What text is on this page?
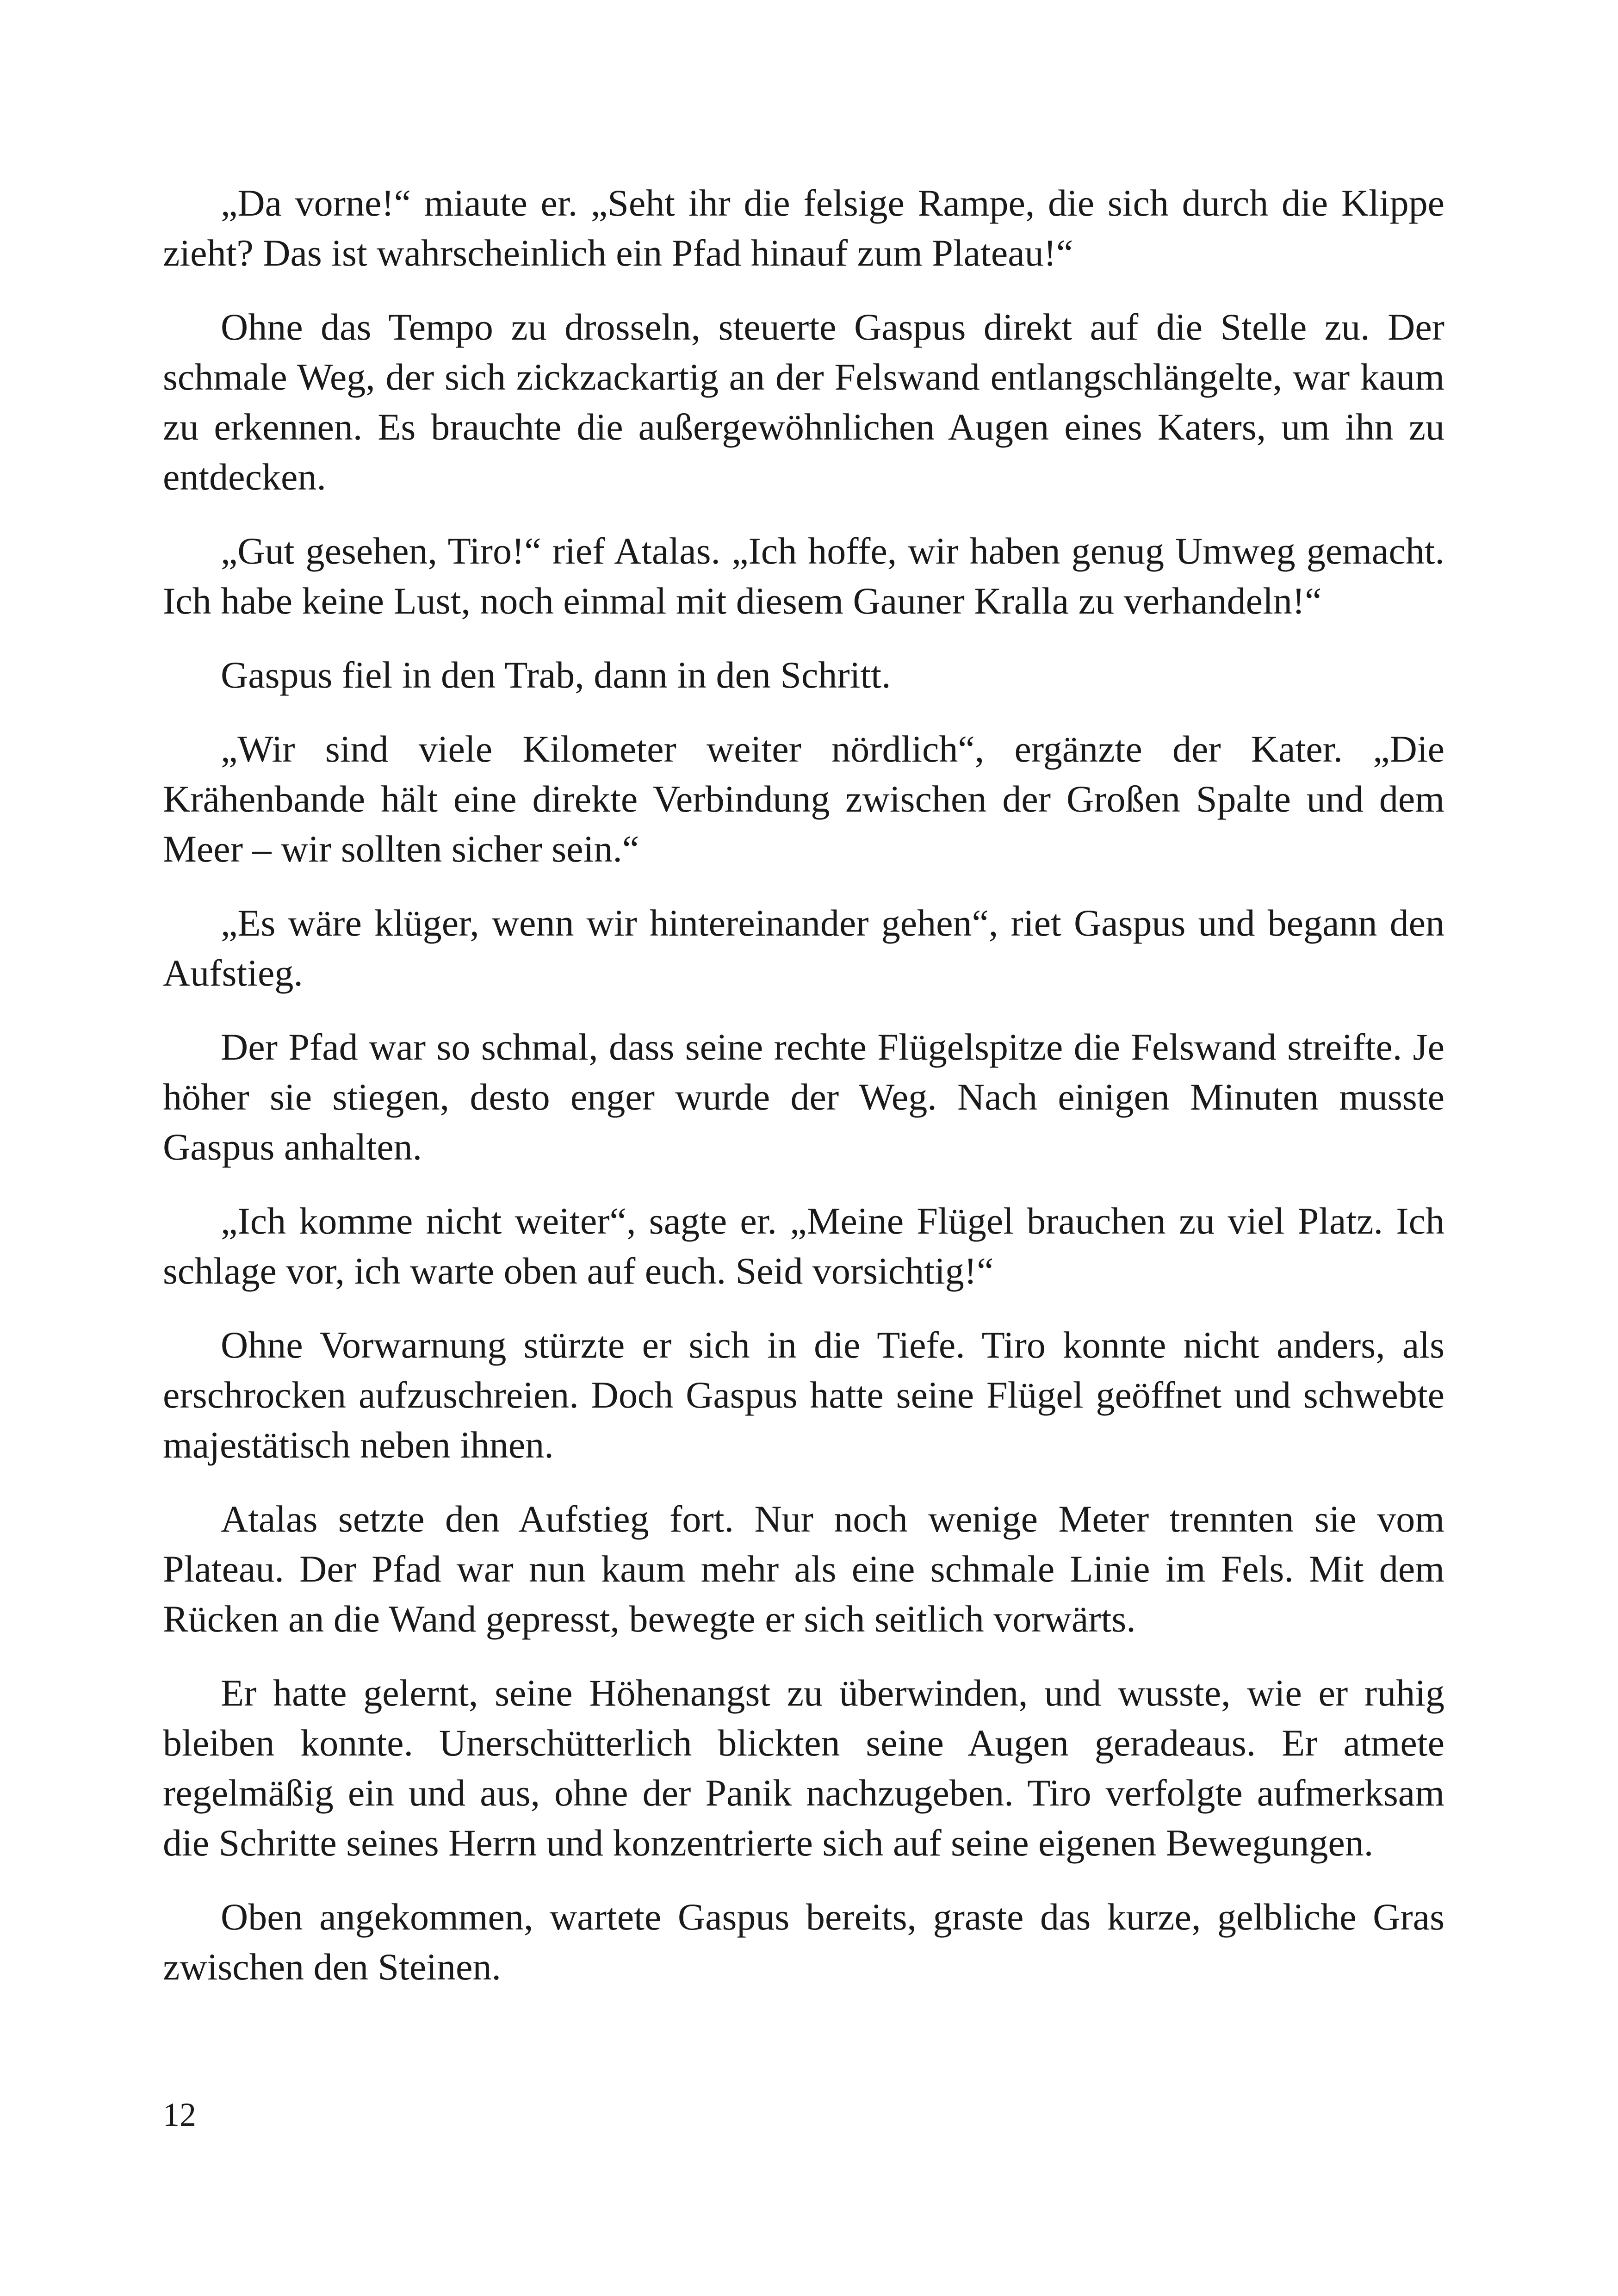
„Da vorne!“ miaute er. „Seht ihr die felsige Rampe, die sich durch die Klippe zieht? Das ist wahrscheinlich ein Pfad hinauf zum Plateau!“

Ohne das Tempo zu drosseln, steuerte Gaspus direkt auf die Stelle zu. Der schmale Weg, der sich zickzackartig an der Felswand entlangschlängelte, war kaum zu erkennen. Es brauchte die außergewöhnlichen Augen eines Katers, um ihn zu entdecken.

„Gut gesehen, Tiro!“ rief Atalas. „Ich hoffe, wir haben genug Umweg gemacht. Ich habe keine Lust, noch einmal mit diesem Gauner Kralla zu verhandeln!“

Gaspus fiel in den Trab, dann in den Schritt.

„Wir sind viele Kilometer weiter nördlich“, ergänzte der Kater. „Die Krähenbande hält eine direkte Verbindung zwischen der Großen Spalte und dem Meer – wir sollten sicher sein.“

„Es wäre klüger, wenn wir hintereinander gehen“, riet Gaspus und begann den Aufstieg.

Der Pfad war so schmal, dass seine rechte Flügelspitze die Felswand streifte. Je höher sie stiegen, desto enger wurde der Weg. Nach einigen Minuten musste Gaspus anhalten.

„Ich komme nicht weiter“, sagte er. „Meine Flügel brauchen zu viel Platz. Ich schlage vor, ich warte oben auf euch. Seid vorsichtig!“

Ohne Vorwarnung stürzte er sich in die Tiefe. Tiro konnte nicht anders, als erschrocken aufzuschreien. Doch Gaspus hatte seine Flügel geöffnet und schwebte majestätisch neben ihnen.

Atalas setzte den Aufstieg fort. Nur noch wenige Meter trennten sie vom Plateau. Der Pfad war nun kaum mehr als eine schmale Linie im Fels. Mit dem Rücken an die Wand gepresst, bewegte er sich seitlich vorwärts.

Er hatte gelernt, seine Höhenangst zu überwinden, und wusste, wie er ruhig bleiben konnte. Unerschütterlich blickten seine Augen geradeaus. Er atmete regelmäßig ein und aus, ohne der Panik nachzugeben. Tiro verfolgte aufmerksam die Schritte seines Herrn und konzentrierte sich auf seine eigenen Bewegungen.

Oben angekommen, wartete Gaspus bereits, graste das kurze, gelbliche Gras zwischen den Steinen.

12
